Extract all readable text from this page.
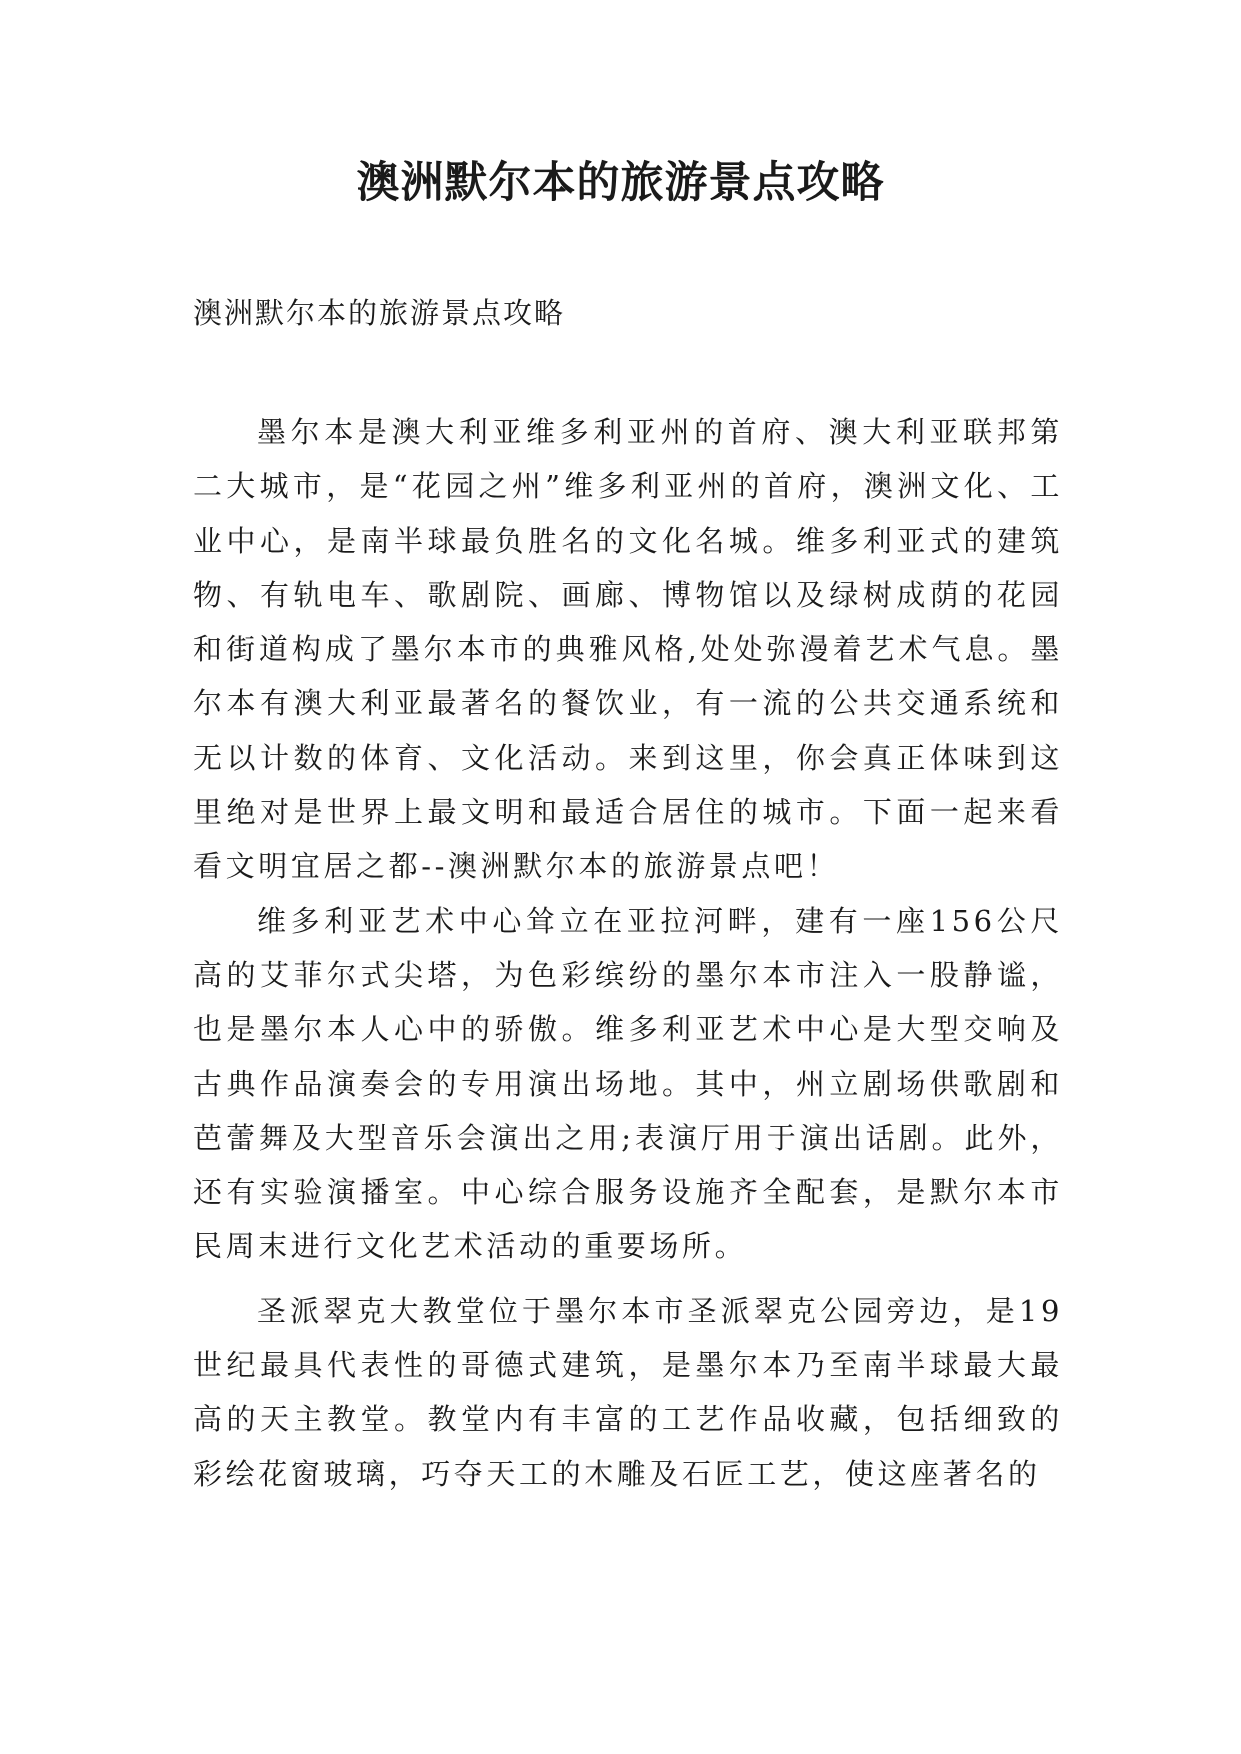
澳洲默尔本的旅游景点攻略

澳洲默尔本的旅游景点攻略

墨尔本是澳大利亚维多利亚州的首府、澳大利亚联邦第二大城市，是“花园之州”维多利亚州的首府，澳洲文化、工业中心，是南半球最负胜名的文化名城。维多利亚式的建筑物、有轨电车、歌剧院、画廊、博物馆以及绿树成荫的花园和街道构成了墨尔本市的典雅风格,处处弥漫着艺术气息。墨尔本有澳大利亚最著名的餐饮业，有一流的公共交通系统和无以计数的体育、文化活动。来到这里，你会真正体味到这里绝对是世界上最文明和最适合居住的城市。下面一起来看看文明宜居之都--澳洲默尔本的旅游景点吧！

维多利亚艺术中心耸立在亚拉河畔，建有一座156公尺高的艾菲尔式尖塔，为色彩缤纷的墨尔本市注入一股静谧，也是墨尔本人心中的骄傲。维多利亚艺术中心是大型交响及古典作品演奏会的专用演出场地。其中，州立剧场供歌剧和芭蕾舞及大型音乐会演出之用;表演厅用于演出话剧。此外，还有实验演播室。中心综合服务设施齐全配套，是默尔本市民周末进行文化艺术活动的重要场所。

圣派翠克大教堂位于墨尔本市圣派翠克公园旁边，是19世纪最具代表性的哥德式建筑，是墨尔本乃至南半球最大最高的天主教堂。教堂内有丰富的工艺作品收藏，包括细致的彩绘花窗玻璃，巧夺天工的木雕及石匠工艺，使这座著名的
